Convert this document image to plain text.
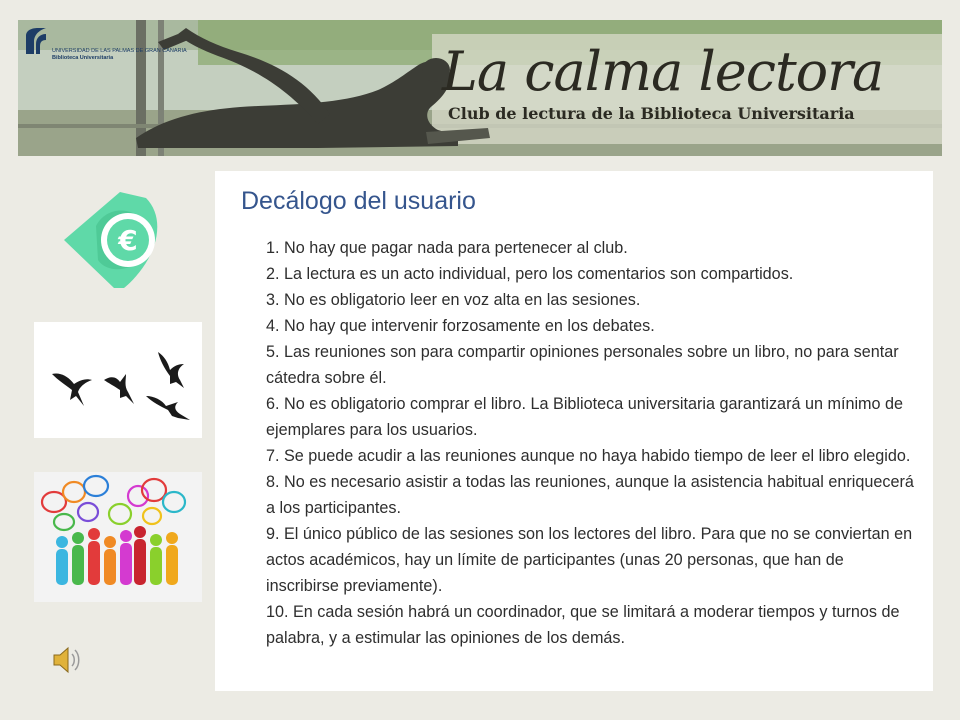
UNIVERSIDAD DE LAS PALMAS DE GRAN CANARIA
Biblioteca Universitaria	La calma lectora
Club de lectura de la Biblioteca Universitaria
€
Decálogo del usuario
1. No hay que pagar nada para pertenecer al club.
2. La lectura es un acto individual, pero los comentarios son compartidos.
3. No es obligatorio leer en voz alta en las sesiones.
4. No hay que intervenir forzosamente en los debates.
5. Las reuniones son para compartir opiniones personales sobre un libro, no para sentar cátedra sobre él.
6. No es obligatorio comprar el libro. La Biblioteca universitaria garantizará un mínimo de ejemplares para los usuarios.
7. Se puede acudir a las reuniones aunque no haya habido tiempo de leer el libro elegido.
8. No es necesario asistir a todas las reuniones, aunque la asistencia habitual enriquecerá a los participantes.
9. El único público de las sesiones son los lectores del libro. Para que no se conviertan en actos académicos, hay un límite de participantes (unas 20 personas, que han de inscribirse previamente).
10. En cada sesión habrá un coordinador, que se limitará a moderar tiempos y turnos de palabra, y a estimular las opiniones de los demás.
